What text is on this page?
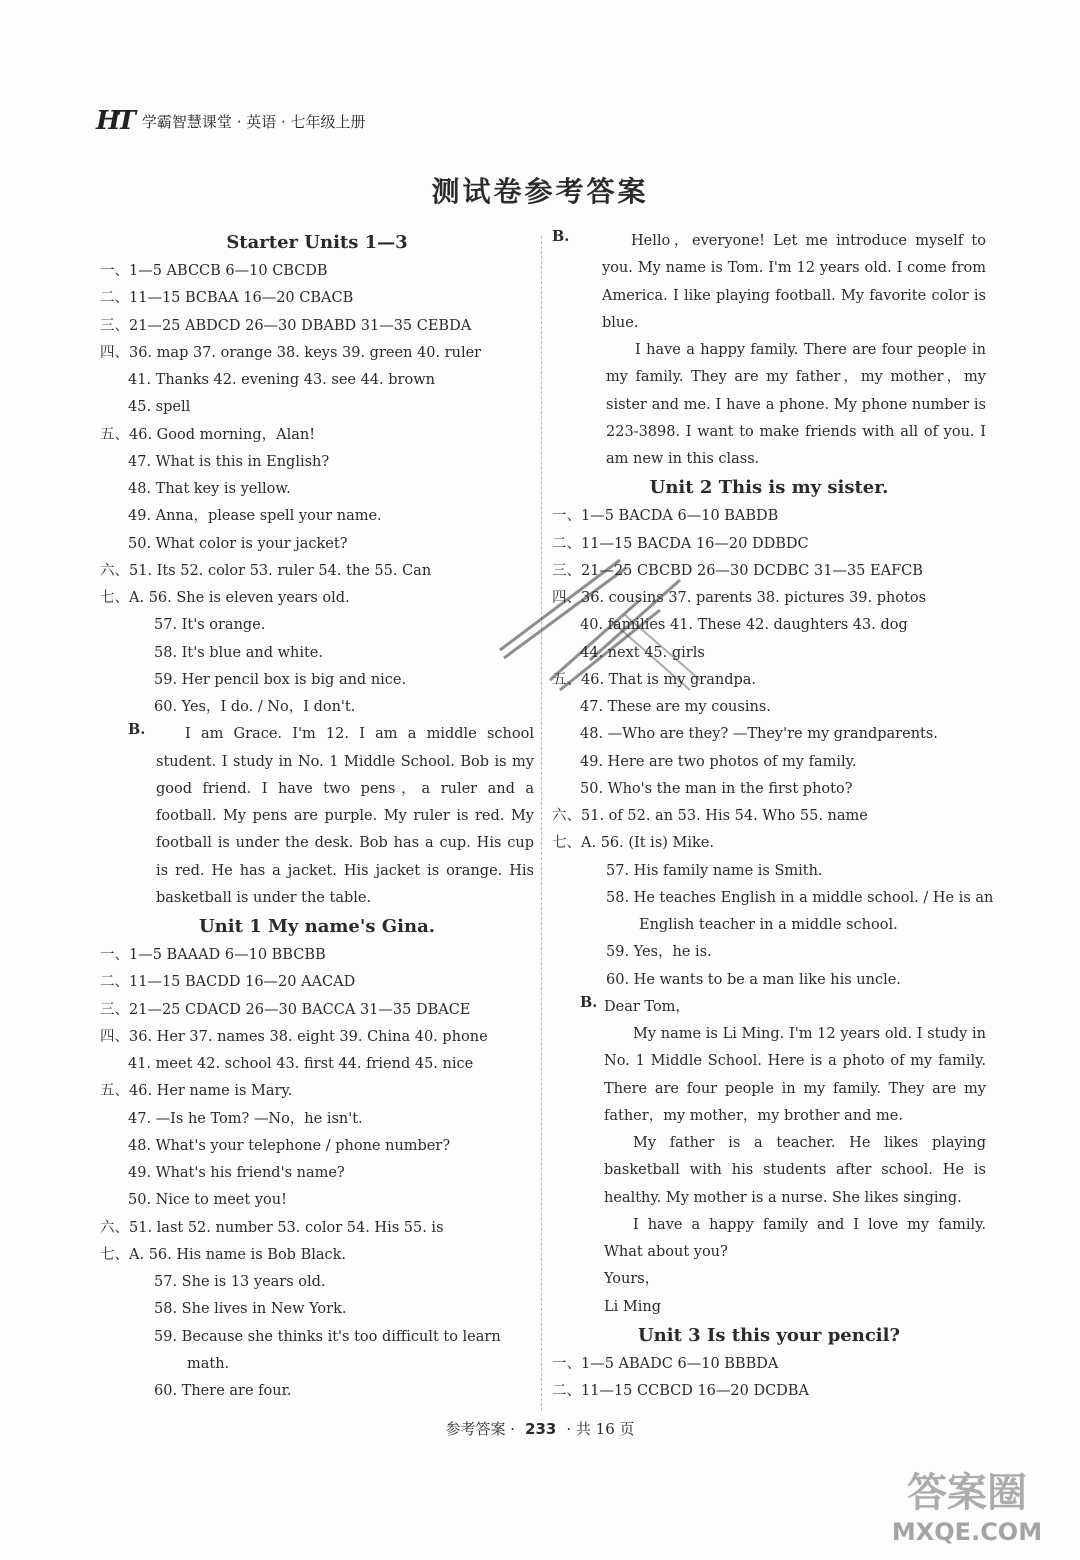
HT 学霸智慧课堂 · 英语 · 七年级上册
测试卷参考答案
Starter Units 1—3
一、1—5 ABCCB 6—10 CBCDB
二、11—15 BCBAA 16—20 CBACB
三、21—25 ABDCD 26—30 DBABD 31—35 CEBDA
四、36. map 37. orange 38. keys 39. green 40. ruler
41. Thanks 42. evening 43. see 44. brown
45. spell
五、46. Good morning，Alan!
47. What is this in English?
48. That key is yellow.
49. Anna，please spell your name.
50. What color is your jacket?
六、51. Its 52. color 53. ruler 54. the 55. Can
七、A. 56. She is eleven years old.
57. It's orange.
58. It's blue and white.
59. Her pencil box is big and nice.
60. Yes，I do. / No，I don't.
B.	I am Grace. I'm 12. I am a middle school student. I study in No. 1 Middle School. Bob is my good friend. I have two pens，a ruler and a football. My pens are purple. My ruler is red. My football is under the desk. Bob has a cup. His cup is red. He has a jacket. His jacket is orange. His basketball is under the table.
Unit 1 My name's Gina.
一、1—5 BAAAD 6—10 BBCBB
二、11—15 BACDD 16—20 AACAD
三、21—25 CDACD 26—30 BACCA 31—35 DBACE
四、36. Her 37. names 38. eight 39. China 40. phone
41. meet 42. school 43. first 44. friend 45. nice
五、46. Her name is Mary.
47. —Is he Tom? —No，he isn't.
48. What's your telephone / phone number?
49. What's his friend's name?
50. Nice to meet you!
六、51. last 52. number 53. color 54. His 55. is
七、A. 56. His name is Bob Black.
57. She is 13 years old.
58. She lives in New York.
59. Because she thinks it's too difficult to learn
math.
60. There are four.
B.	Hello，everyone! Let me introduce myself to you. My name is Tom. I'm 12 years old. I come from America. I like playing football. My favorite color is blue.
I have a happy family. There are four people in my family. They are my father，my mother，my sister and me. I have a phone. My phone number is 223-3898. I want to make friends with all of you. I am new in this class.
Unit 2 This is my sister.
一、1—5 BACDA 6—10 BABDB
二、11—15 BACDA 16—20 DDBDC
三、21—25 CBCBD 26—30 DCDBC 31—35 EAFCB
四、36. cousins 37. parents 38. pictures 39. photos
40. families 41. These 42. daughters 43. dog
44. next 45. girls
五、46. That is my grandpa.
47. These are my cousins.
48. —Who are they? —They're my grandparents.
49. Here are two photos of my family.
50. Who's the man in the first photo?
六、51. of 52. an 53. His 54. Who 55. name
七、A. 56. (It is) Mike.
57. His family name is Smith.
58. He teaches English in a middle school. / He is an
English teacher in a middle school.
59. Yes，he is.
60. He wants to be a man like his uncle.
B. Dear Tom，
My name is Li Ming. I'm 12 years old. I study in No. 1 Middle School. Here is a photo of my family. There are four people in my family. They are my father，my mother，my brother and me.
My father is a teacher. He likes playing basketball with his students after school. He is healthy. My mother is a nurse. She likes singing.
I have a happy family and I love my family. What about you?
Yours，
Li Ming
Unit 3 Is this your pencil?
一、1—5 ABADC 6—10 BBBDA
二、11—15 CCBCD 16—20 DCDBA
参考答案 · 233 · 共 16 页
答案圈
MXQE.COM
